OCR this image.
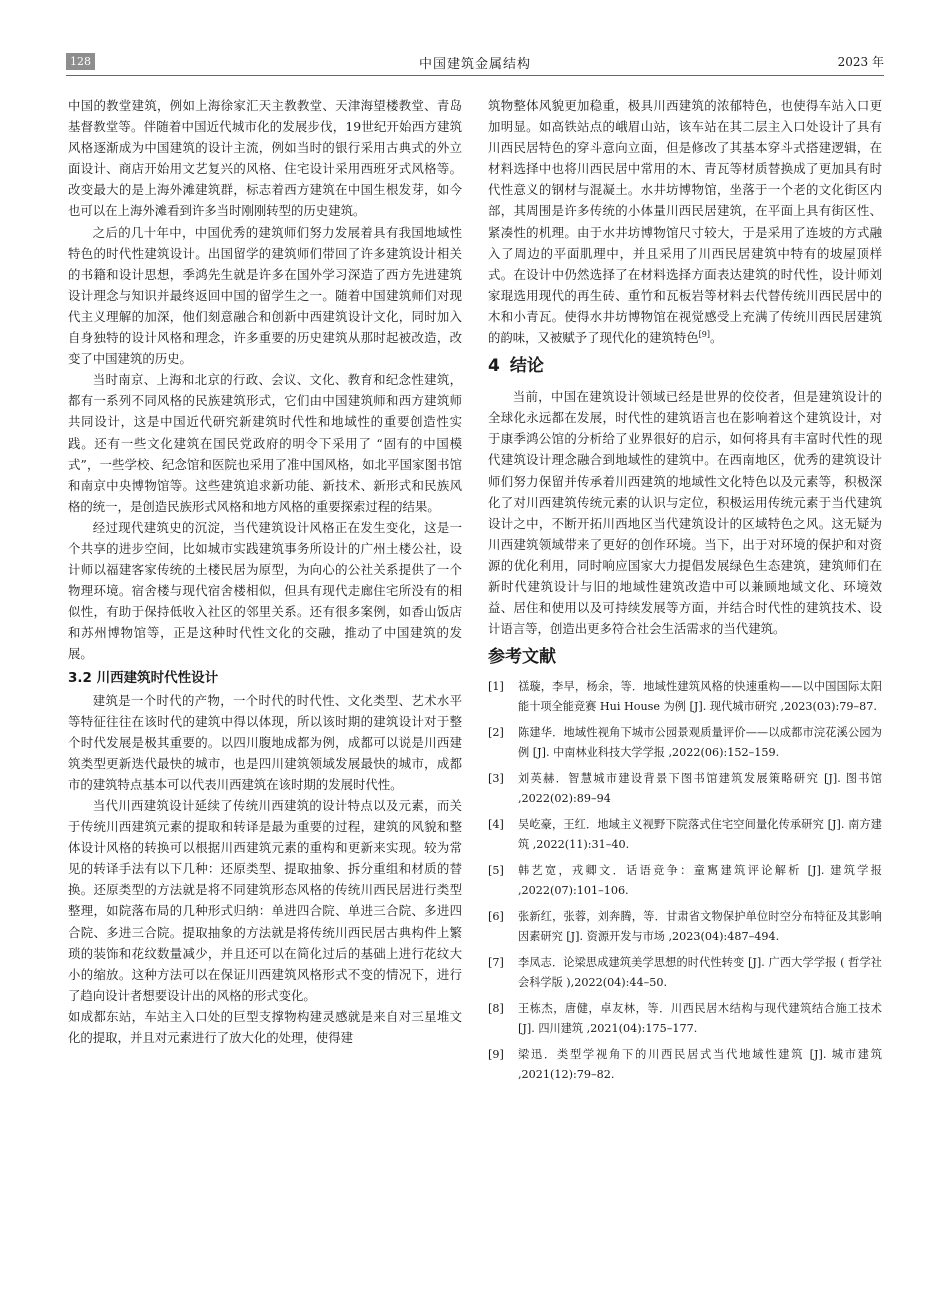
128	中国建筑金属结构	2023 年

中国的教堂建筑，例如上海徐家汇天主教教堂、天津海望楼教堂、青岛基督教堂等。伴随着中国近代城市化的发展步伐，19世纪开始西方建筑风格逐渐成为中国建筑的设计主流，例如当时的银行采用古典式的外立面设计、商店开始用文艺复兴的风格、住宅设计采用西班牙式风格等。改变最大的是上海外滩建筑群，标志着西方建筑在中国生根发芽，如今也可以在上海外滩看到许多当时刚刚转型的历史建筑。

之后的几十年中，中国优秀的建筑师们努力发展着具有我国地域性特色的时代性建筑设计。出国留学的建筑师们带回了许多建筑设计相关的书籍和设计思想，季鸿先生就是许多在国外学习深造了西方先进建筑设计理念与知识并最终返回中国的留学生之一。随着中国建筑师们对现代主义理解的加深，他们刻意融合和创新中西建筑设计文化，同时加入自身独特的设计风格和理念，许多重要的历史建筑从那时起被改造，改变了中国建筑的历史。

当时南京、上海和北京的行政、会议、文化、教育和纪念性建筑，都有一系列不同风格的民族建筑形式，它们由中国建筑师和西方建筑师共同设计，这是中国近代研究新建筑时代性和地域性的重要创造性实践。还有一些文化建筑在国民党政府的明令下采用了 “固有的中国模式”，一些学校、纪念馆和医院也采用了准中国风格，如北平国家图书馆和南京中央博物馆等。这些建筑追求新功能、新技术、新形式和民族风格的统一，是创造民族形式风格和地方风格的重要探索过程的结果。

经过现代建筑史的沉淀，当代建筑设计风格正在发生变化，这是一个共享的进步空间，比如城市实践建筑事务所设计的广州土楼公社，设计师以福建客家传统的土楼民居为原型，为向心的公社关系提供了一个物理环境。宿舍楼与现代宿舍楼相似，但具有现代走廊住宅所没有的相似性，有助于保持低收入社区的邻里关系。还有很多案例，如香山饭店和苏州博物馆等，正是这种时代性文化的交融，推动了中国建筑的发展。

3.2 川西建筑时代性设计

建筑是一个时代的产物，一个时代的时代性、文化类型、艺术水平等特征往往在该时代的建筑中得以体现，所以该时期的建筑设计对于整个时代发展是极其重要的。以四川腹地成都为例，成都可以说是川西建筑类型更新迭代最快的城市，也是四川建筑领域发展最快的城市，成都市的建筑特点基本可以代表川西建筑在该时期的发展时代性。

当代川西建筑设计延续了传统川西建筑的设计特点以及元素，而关于传统川西建筑元素的提取和转译是最为重要的过程，建筑的风貌和整体设计风格的转换可以根据川西建筑元素的重构和更新来实现。较为常见的转译手法有以下几种：还原类型、提取抽象、拆分重组和材质的替换。还原类型的方法就是将不同建筑形态风格的传统川西民居进行类型整理，如院落布局的几种形式归纳：单进四合院、单进三合院、多进四合院、多进三合院。提取抽象的方法就是将传统川西民居古典构件上繁琐的装饰和花纹数量减少，并且还可以在简化过后的基础上进行花纹大小的缩放。这种方法可以在保证川西建筑风格形式不变的情况下，进行了趋向设计者想要设计出的风格的形式变化。

如成都东站，车站主入口处的巨型支撑物构建灵感就是来自对三星堆文化的提取，并且对元素进行了放大化的处理，使得建

筑物整体风貌更加稳重，极具川西建筑的浓郁特色，也使得车站入口更加明显。如高铁站点的峨眉山站，该车站在其二层主入口处设计了具有川西民居特色的穿斗意向立面，但是修改了其基本穿斗式搭建逻辑，在材料选择中也将川西民居中常用的木、青瓦等材质替换成了更加具有时代性意义的钢材与混凝土。水井坊博物馆，坐落于一个老的文化街区内部，其周围是许多传统的小体量川西民居建筑，在平面上具有街区性、紧凑性的机理。由于水井坊博物馆尺寸较大，于是采用了连坡的方式融入了周边的平面肌理中，并且采用了川西民居建筑中特有的坡屋顶样式。在设计中仍然选择了在材料选择方面表达建筑的时代性，设计师刘家琨选用现代的再生砖、重竹和瓦板岩等材料去代替传统川西民居中的木和小青瓦。使得水井坊博物馆在视觉感受上充满了传统川西民居建筑的韵味，又被赋予了现代化的建筑特色[9]。

4 结论

当前，中国在建筑设计领域已经是世界的佼佼者，但是建筑设计的全球化永远都在发展，时代性的建筑语言也在影响着这个建筑设计，对于康季鸿公馆的分析给了业界很好的启示，如何将具有丰富时代性的现代建筑设计理念融合到地域性的建筑中。在西南地区，优秀的建筑设计师们努力保留并传承着川西建筑的地域性文化特色以及元素等，积极深化了对川西建筑传统元素的认识与定位，积极运用传统元素于当代建筑设计之中，不断开拓川西地区当代建筑设计的区域特色之风。这无疑为川西建筑领域带来了更好的创作环境。当下，出于对环境的保护和对资源的优化利用，同时响应国家大力提倡发展绿色生态建筑，建筑师们在新时代建筑设计与旧的地域性建筑改造中可以兼顾地域文化、环境效益、居住和使用以及可持续发展等方面，并结合时代性的建筑技术、设计语言等，创造出更多符合社会生活需求的当代建筑。

参考文献
[1]	禚璇，李早，杨余，等．地域性建筑风格的快速重构——以中国国际太阳能十项全能竞赛 Hui House 为例 [J]. 现代城市研究 ,2023(03):79–87.
[2]	陈建华．地域性视角下城市公园景观质量评价——以成都市浣花溪公园为例 [J]. 中南林业科技大学学报 ,2022(06):152–159.
[3]	刘英赫．智慧城市建设背景下图书馆建筑发展策略研究 [J]. 图书馆 ,2022(02):89–94
[4]	吴屹豪，王红．地域主义视野下院落式住宅空间量化传承研究 [J]. 南方建筑 ,2022(11):31–40.
[5]	韩艺宽，戎卿文．话语竞争：童寯建筑评论解析 [J]. 建筑学报 ,2022(07):101–106.
[6]	张新红，张蓉，刘奔腾，等．甘肃省文物保护单位时空分布特征及其影响因素研究 [J]. 资源开发与市场 ,2023(04):487–494.
[7]	李凤志．论梁思成建筑美学思想的时代性转变 [J]. 广西大学学报 ( 哲学社会科学版 ),2022(04):44–50.
[8]	王栋杰，唐健，卓友林，等．川西民居木结构与现代建筑结合施工技术 [J]. 四川建筑 ,2021(04):175–177.
[9]	梁迅．类型学视角下的川西民居式当代地域性建筑 [J]. 城市建筑 ,2021(12):79–82.
